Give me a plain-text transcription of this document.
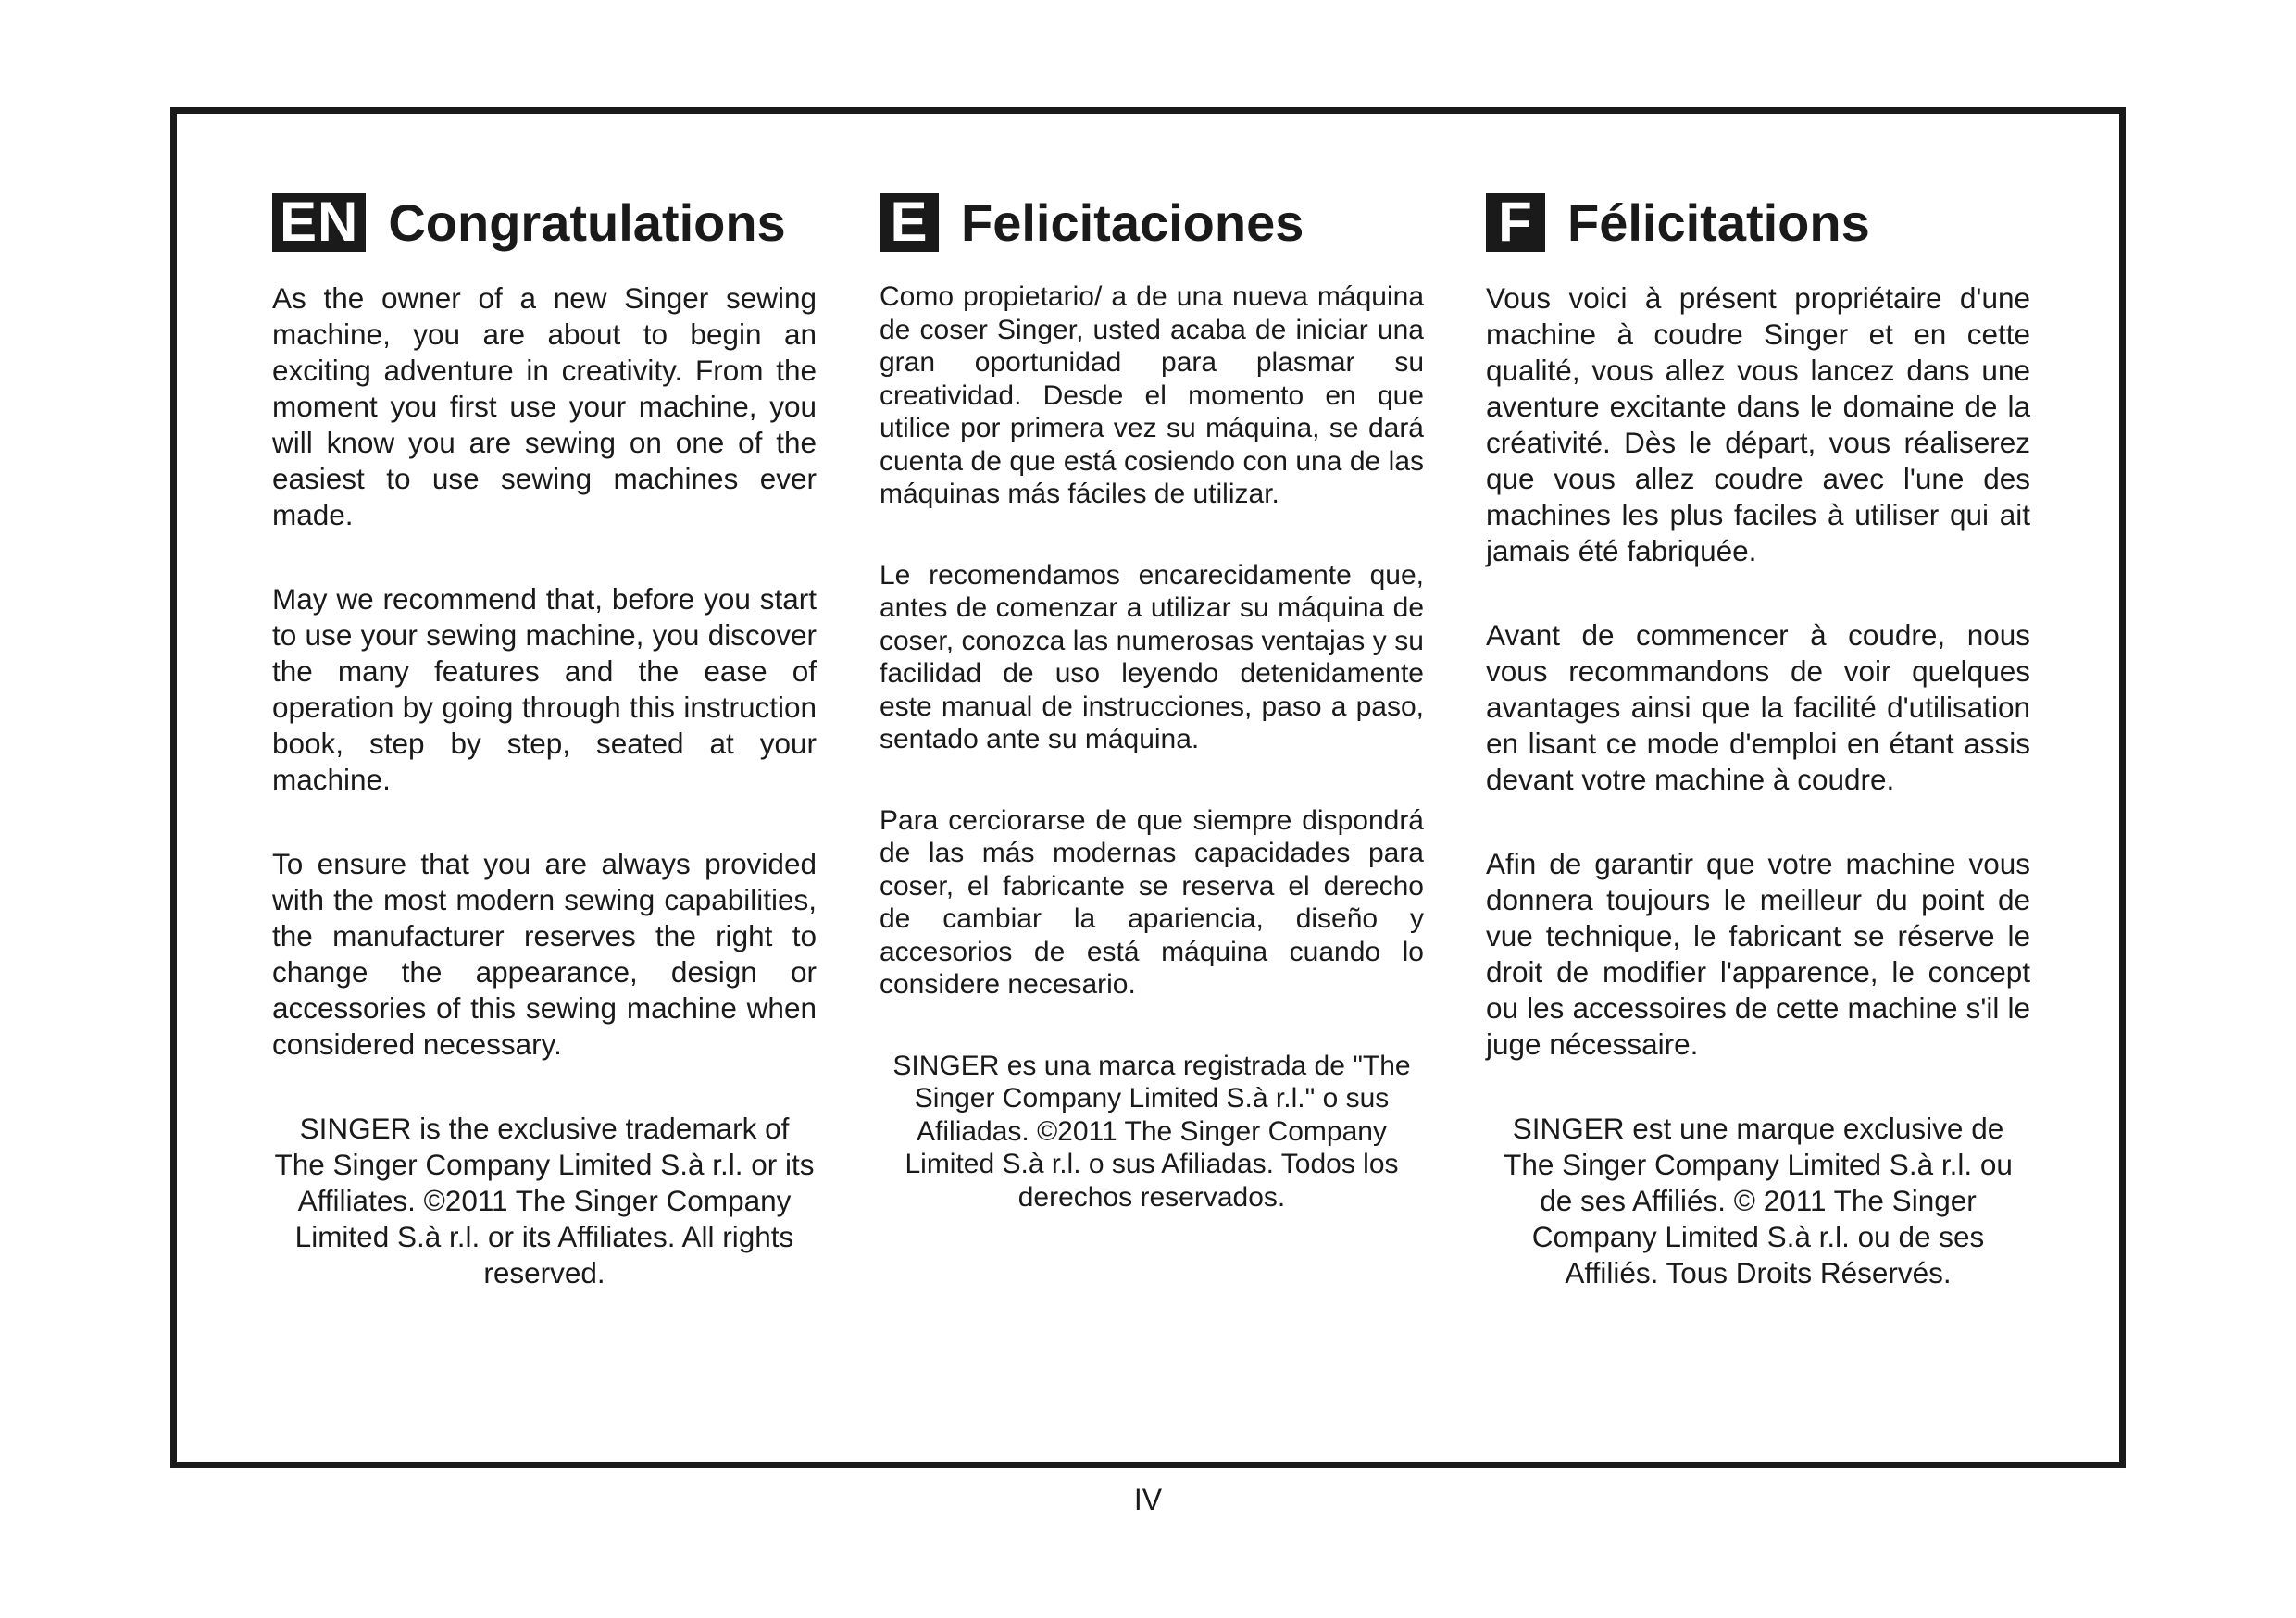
EN Congratulations

As the owner of a new Singer sewing machine, you are about to begin an exciting adventure in creativity. From the moment you first use your machine, you will know you are sewing on one of the easiest to use sewing machines ever made.

May we recommend that, before you start to use your sewing machine, you discover the many features and the ease of operation by going through this instruction book, step by step, seated at your machine.

To ensure that you are always provided with the most modern sewing capabilities, the manufacturer reserves the right to change the appearance, design or accessories of this sewing machine when considered necessary.

SINGER is the exclusive trademark of The Singer Company Limited S.à r.l. or its Affiliates. ©2011 The Singer Company Limited S.à r.l. or its Affiliates. All rights reserved.

E Felicitaciones

Como propietario/ a de una nueva máquina de coser Singer, usted acaba de iniciar una gran oportunidad para plasmar su creatividad. Desde el momento en que utilice por primera vez su máquina, se dará cuenta de que está cosiendo con una de las máquinas más fáciles de utilizar.

Le recomendamos encarecidamente que, antes de comenzar a utilizar su máquina de coser, conozca las numerosas ventajas y su facilidad de uso leyendo detenidamente este manual de instrucciones, paso a paso, sentado ante su máquina.

Para cerciorarse de que siempre dispondrá de las más modernas capacidades para coser, el fabricante se reserva el derecho de cambiar la apariencia, diseño y accesorios de está máquina cuando lo considere necesario.

SINGER es una marca registrada de "The Singer Company Limited S.à r.l." o sus Afiliadas. ©2011 The Singer Company Limited S.à r.l. o sus Afiliadas. Todos los derechos reservados.

F Félicitations

Vous voici à présent propriétaire d'une machine à coudre Singer et en cette qualité, vous allez vous lancez dans une aventure excitante dans le domaine de la créativité. Dès le départ, vous réaliserez que vous allez coudre avec l'une des machines les plus faciles à utiliser qui ait jamais été fabriquée.

Avant de commencer à coudre, nous vous recommandons de voir quelques avantages ainsi que la facilité d'utilisation en lisant ce mode d'emploi en étant assis devant votre machine à coudre.

Afin de garantir que votre machine vous donnera toujours le meilleur du point de vue technique, le fabricant se réserve le droit de modifier l'apparence, le concept ou les accessoires de cette machine s'il le juge nécessaire.

SINGER est une marque exclusive de The Singer Company Limited S.à r.l. ou de ses Affiliés. © 2011 The Singer Company Limited S.à r.l. ou de ses Affiliés. Tous Droits Réservés.

IV
